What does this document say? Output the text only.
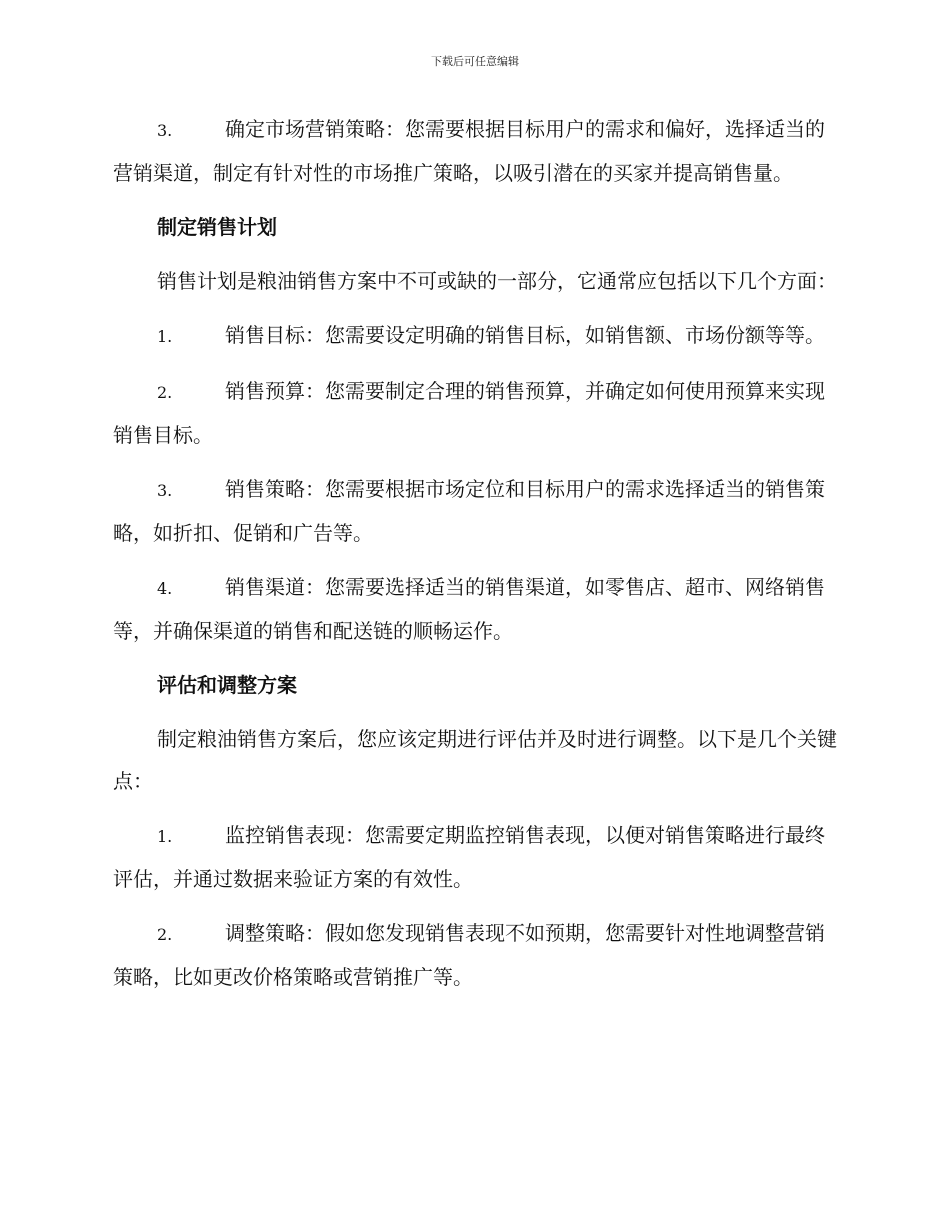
下载后可任意编辑
3.	确定市场营销策略：您需要根据目标用户的需求和偏好，选择适当的营销渠道，制定有针对性的市场推广策略，以吸引潜在的买家并提高销售量。
制定销售计划
销售计划是粮油销售方案中不可或缺的一部分，它通常应包括以下几个方面：
1.	销售目标：您需要设定明确的销售目标，如销售额、市场份额等等。
2.	销售预算：您需要制定合理的销售预算，并确定如何使用预算来实现销售目标。
3.	销售策略：您需要根据市场定位和目标用户的需求选择适当的销售策略，如折扣、促销和广告等。
4.	销售渠道：您需要选择适当的销售渠道，如零售店、超市、网络销售等，并确保渠道的销售和配送链的顺畅运作。
评估和调整方案
制定粮油销售方案后，您应该定期进行评估并及时进行调整。以下是几个关键点：
1.	监控销售表现：您需要定期监控销售表现，以便对销售策略进行最终评估，并通过数据来验证方案的有效性。
2.	调整策略：假如您发现销售表现不如预期，您需要针对性地调整营销策略，比如更改价格策略或营销推广等。
